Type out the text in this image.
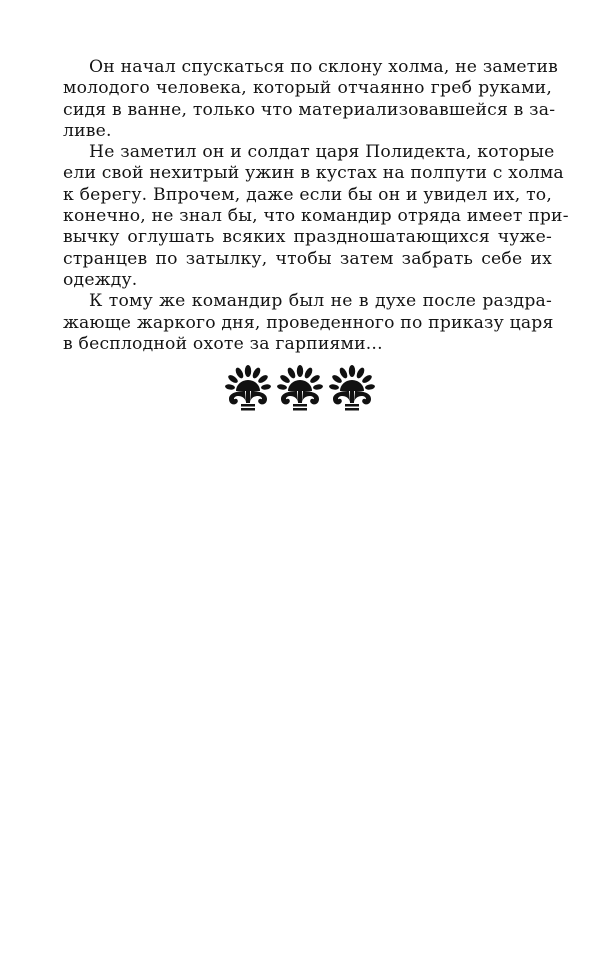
Он начал спускаться по склону холма, не заметив
молодого человека, который отчаянно греб руками,
сидя в ванне, только что материализовавшейся в за-
ливе.
Не заметил он и солдат царя Полидекта, которые
ели свой нехитрый ужин в кустах на полпути с холма
к берегу. Впрочем, даже если бы он и увидел их, то,
конечно, не знал бы, что командир отряда имеет при-
вычку оглушать всяких праздношатающихся чуже-
странцев по затылку, чтобы затем забрать себе их
одежду.
К тому же командир был не в духе после раздра-
жающе жаркого дня, проведенного по приказу царя
в бесплодной охоте за гарпиями...
